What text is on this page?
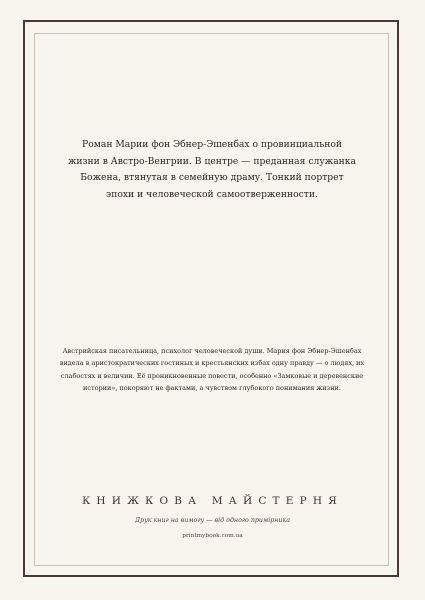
Роман Марии фон Эбнер-Эшенбах о провинциальной жизни в Австро-Венгрии. В центре — преданная служанка Божена, втянутая в семейную драму. Тонкий портрет эпохи и человеческой самоотверженности.
Австрийская писательница, психолог человеческой души. Мария фон Эбнер-Эшенбах видела в аристократических гостиных и крестьянских избах одну правду — о людях, их слабостях и величии. Её проникновенные повести, особенно «Замковые и деревенские истории», покоряют не фактами, а чувством глубокого понимания жизни.
КНИЖКОВА МАЙСТЕРНЯ
Друк книг на вимогу — від одного примірника
printmybook.com.ua
